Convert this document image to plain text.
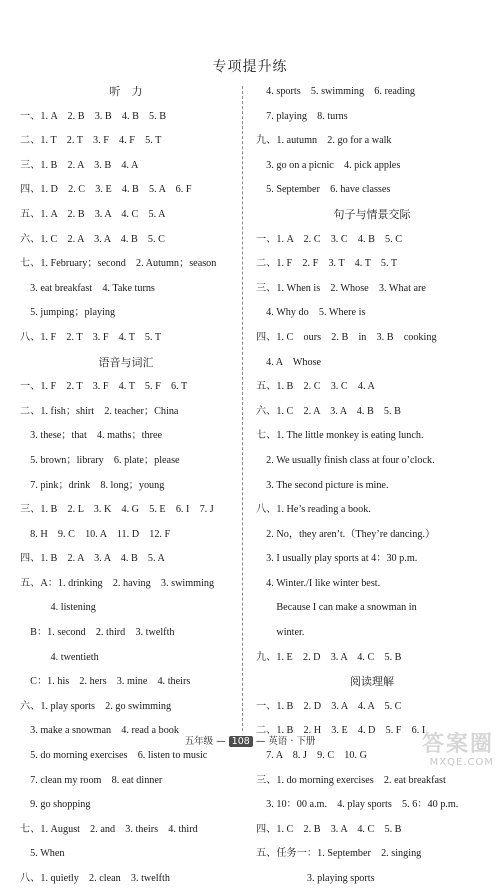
专项提升练
听　力
一、1. A　2. B　3. B　4. B　5. B
二、1. T　2. T　3. F　4. F　5. T
三、1. B　2. A　3. B　4. A
四、1. D　2. C　3. E　4. B　5. A　6. F
五、1. A　2. B　3. A　4. C　5. A
六、1. C　2. A　3. A　4. B　5. C
七、1. February；second　2. Autumn；season
　3. eat breakfast　4. Take turns
　5. jumping；playing
八、1. F　2. T　3. F　4. T　5. T
语音与词汇
一、1. F　2. T　3. F　4. T　5. F　6. T
二、1. fish；shirt　2. teacher；China
　3. these；that　4. maths；three
　5. brown；library　6. plate；please
　7. pink；drink　8. long；young
三、1. B　2. L　3. K　4. G　5. E　6. I　7. J
　8. H　9. C　10. A　11. D　12. F
四、1. B　2. A　3. A　4. B　5. A
五、A：1. drinking　2. having　3. swimming
　　　4. listening
　B：1. second　2. third　3. twelfth
　　　4. twentieth
　C：1. his　2. hers　3. mine　4. theirs
六、1. play sports　2. go swimming
　3. make a snowman　4. read a book
　5. do morning exercises　6. listen to music
　7. clean my room　8. eat dinner
　9. go shopping
七、1. August　2. and　3. theirs　4. third
　5. When
八、1. quietly　2. clean　3. twelfth
　4. sports　5. swimming　6. reading
　7. playing　8. turns
九、1. autumn　2. go for a walk
　3. go on a picnic　4. pick apples
　5. September　6. have classes
句子与情景交际
一、1. A　2. C　3. C　4. B　5. C
二、1. F　2. F　3. T　4. T　5. T
三、1. When is　2. Whose　3. What are
　4. Why do　5. Where is
四、1. C　ours　2. B　in　3. B　cooking
　4. A　Whose
五、1. B　2. C　3. C　4. A
六、1. C　2. A　3. A　4. B　5. B
七、1. The little monkey is eating lunch.
　2. We usually finish class at four o’clock.
　3. The second picture is mine.
八、1. He’s reading a book.
　2. No，they aren’t.（They’re dancing.）
　3. I usually play sports at 4：30 p.m.
　4. Winter./I like winter best.
　　Because I can make a snowman in
　　winter.
九、1. E　2. D　3. A　4. C　5. B
阅读理解
一、1. B　2. D　3. A　4. A　5. C
二、1. B　2. H　3. E　4. D　5. F　6. I
　7. A　8. J　9. C　10. G
三、1. do morning exercises　2. eat breakfast
　3. 10：00 a.m.　4. play sports　5. 6：40 p.m.
四、1. C　2. B　3. A　4. C　5. B
五、任务一：1. September　2. singing
　　　　　3. playing sports
五年级 — 108 — 英语 · 下册	答案圈
MXQE.COM
